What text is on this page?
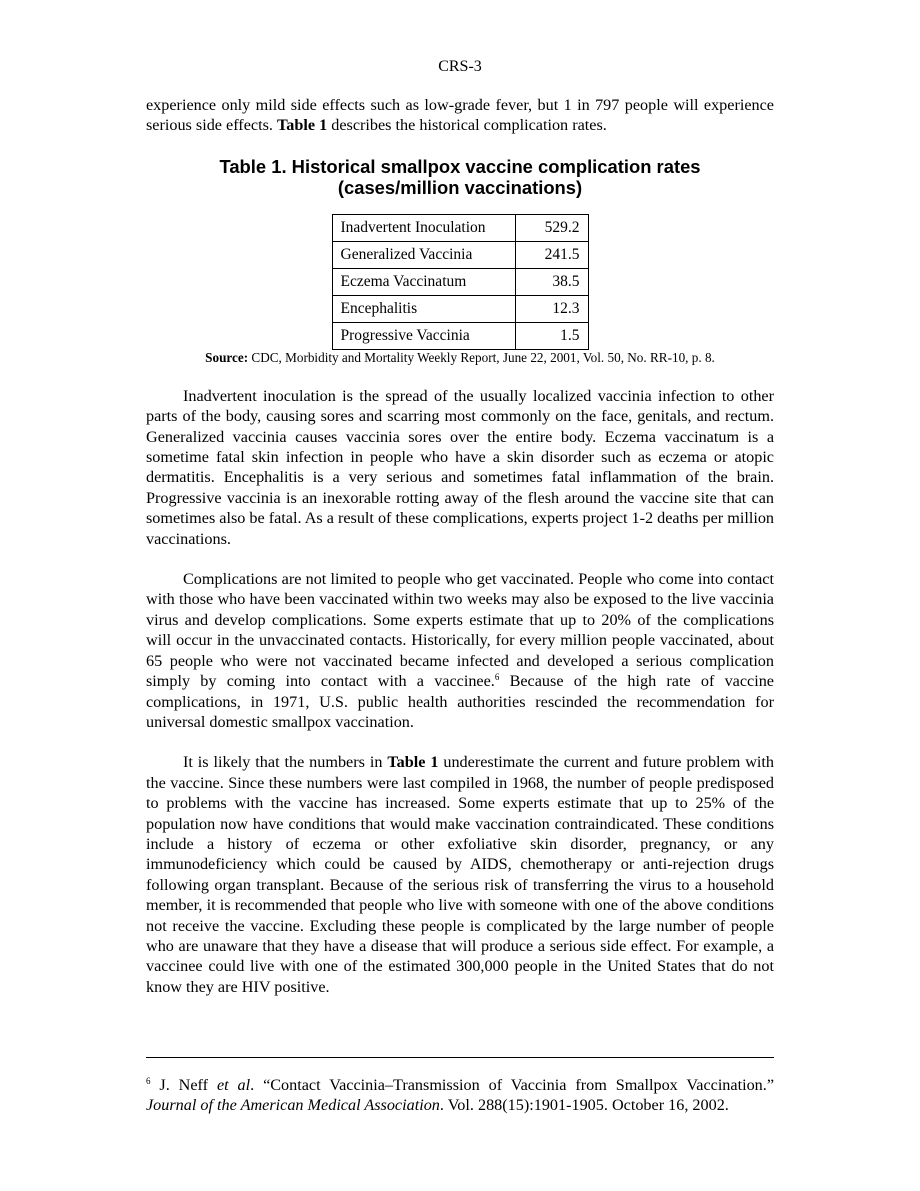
CRS-3

experience only mild side effects such as low-grade fever, but 1 in 797 people will experience serious side effects. Table 1 describes the historical complication rates.

Table 1. Historical smallpox vaccine complication rates
(cases/million vaccinations)
Inadvertent Inoculation	529.2
Generalized Vaccinia	241.5
Eczema Vaccinatum	38.5
Encephalitis	12.3
Progressive Vaccinia	1.5

Source: CDC, Morbidity and Mortality Weekly Report, June 22, 2001, Vol. 50, No. RR-10, p. 8.

Inadvertent inoculation is the spread of the usually localized vaccinia infection to other parts of the body, causing sores and scarring most commonly on the face, genitals, and rectum. Generalized vaccinia causes vaccinia sores over the entire body. Eczema vaccinatum is a sometime fatal skin infection in people who have a skin disorder such as eczema or atopic dermatitis. Encephalitis is a very serious and sometimes fatal inflammation of the brain. Progressive vaccinia is an inexorable rotting away of the flesh around the vaccine site that can sometimes also be fatal. As a result of these complications, experts project 1-2 deaths per million vaccinations.

Complications are not limited to people who get vaccinated. People who come into contact with those who have been vaccinated within two weeks may also be exposed to the live vaccinia virus and develop complications. Some experts estimate that up to 20% of the complications will occur in the unvaccinated contacts. Historically, for every million people vaccinated, about 65 people who were not vaccinated became infected and developed a serious complication simply by coming into contact with a vaccinee.$^6$ Because of the high rate of vaccine complications, in 1971, U.S. public health authorities rescinded the recommendation for universal domestic smallpox vaccination.

It is likely that the numbers in Table 1 underestimate the current and future problem with the vaccine. Since these numbers were last compiled in 1968, the number of people predisposed to problems with the vaccine has increased. Some experts estimate that up to 25% of the population now have conditions that would make vaccination contraindicated. These conditions include a history of eczema or other exfoliative skin disorder, pregnancy, or any immunodeficiency which could be caused by AIDS, chemotherapy or anti-rejection drugs following organ transplant. Because of the serious risk of transferring the virus to a household member, it is recommended that people who live with someone with one of the above conditions not receive the vaccine. Excluding these people is complicated by the large number of people who are unaware that they have a disease that will produce a serious side effect. For example, a vaccinee could live with one of the estimated 300,000 people in the United States that do not know they are HIV positive.

$^6$ J. Neff et al. “Contact Vaccinia–Transmission of Vaccinia from Smallpox Vaccination.” Journal of the American Medical Association. Vol. 288(15):1901-1905. October 16, 2002.
